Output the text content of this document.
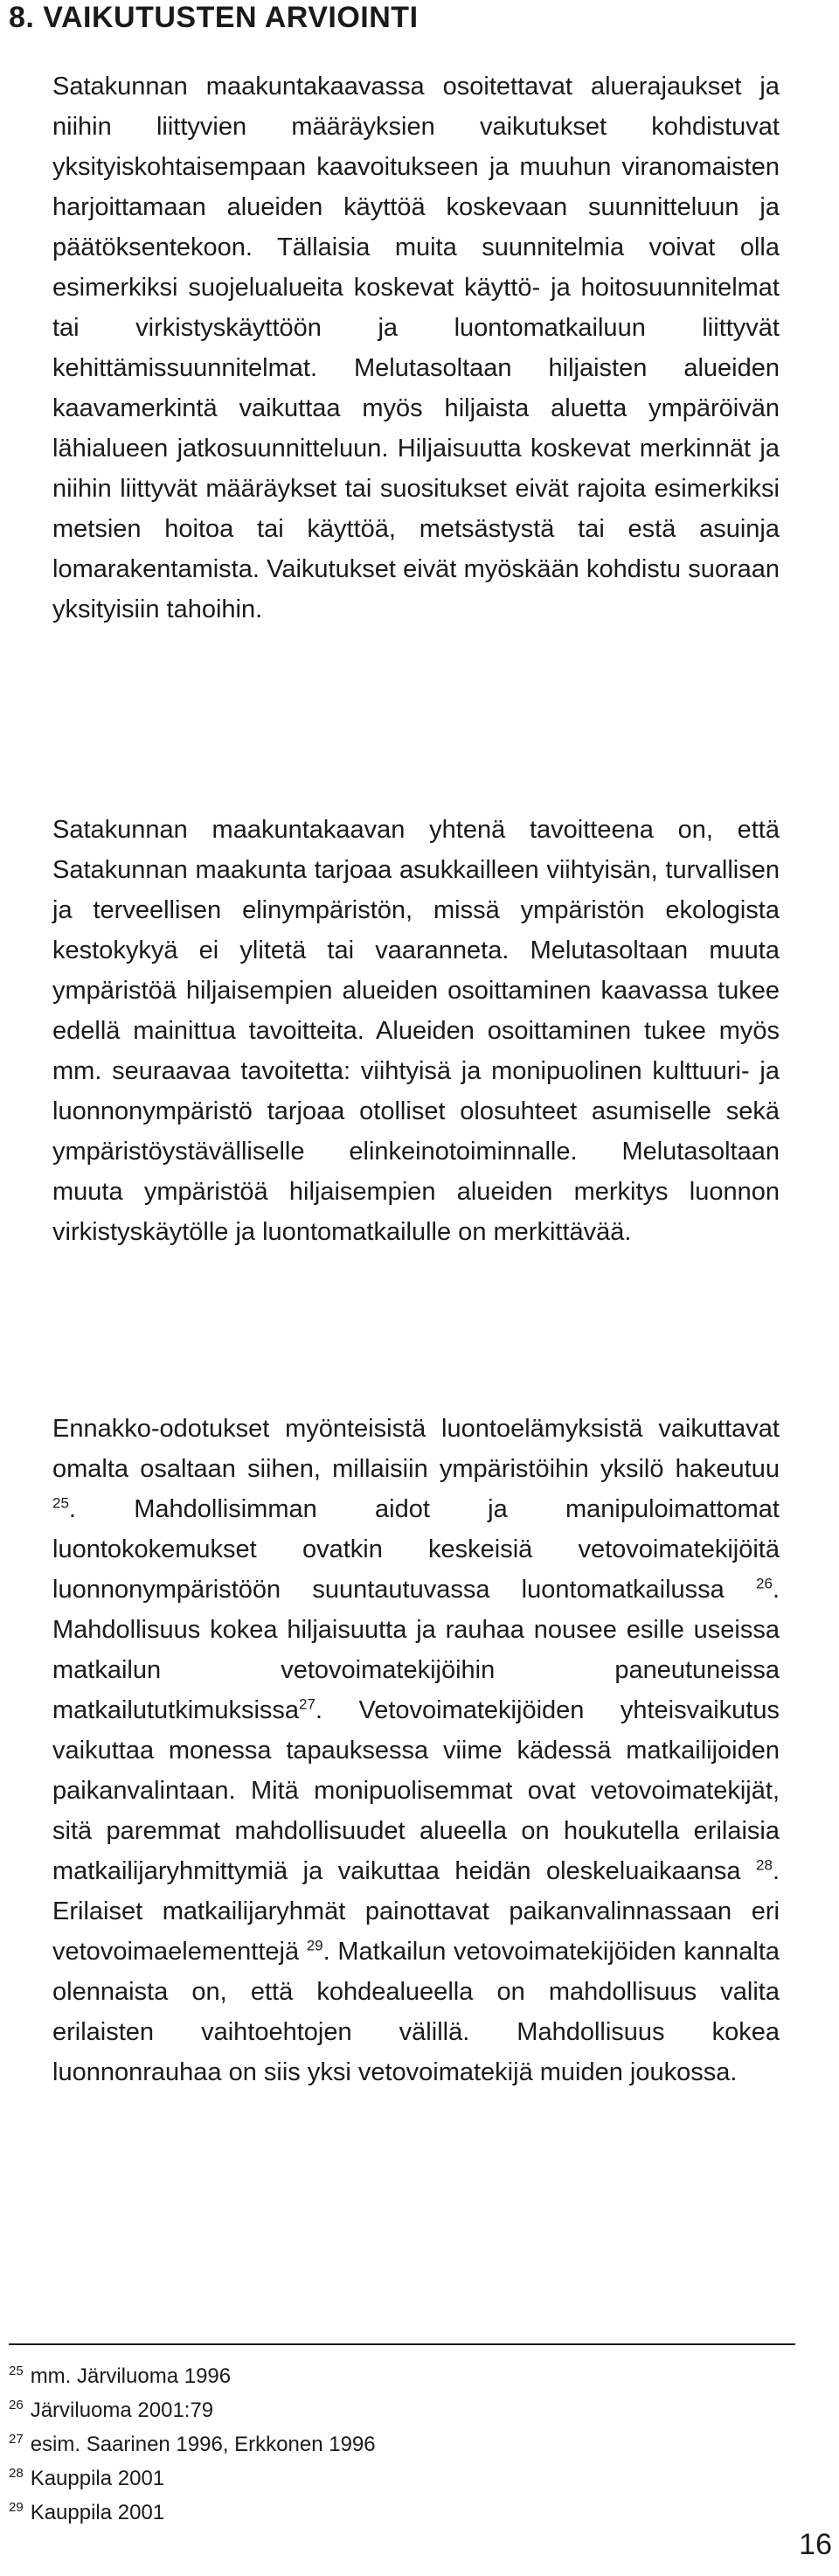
8. VAIKUTUSTEN ARVIOINTI

Satakunnan maakuntakaavassa osoitettavat aluerajaukset ja niihin liittyvien määräyksien vaikutukset kohdistuvat yksityiskohtaisempaan kaavoitukseen ja muuhun viranomaisten harjoittamaan alueiden käyttöä koskevaan suunnitteluun ja päätöksentekoon. Tällaisia muita suunnitelmia voivat olla esimerkiksi suojelualueita koskevat käyttö- ja hoitosuunnitelmat tai virkistyskäyttöön ja luontomatkailuun liittyvät kehittämissuunnitelmat. Melutasoltaan hiljaisten alueiden kaavamerkintä vaikuttaa myös hiljaista aluetta ympäröivän lähialueen jatkosuunnitteluun. Hiljaisuutta koskevat merkinnät ja niihin liittyvät määräykset tai suositukset eivät rajoita esimerkiksi metsien hoitoa tai käyttöä, metsästystä tai estä asuinja lomarakentamista. Vaikutukset eivät myöskään kohdistu suoraan yksityisiin tahoihin.

Satakunnan maakuntakaavan yhtenä tavoitteena on, että Satakunnan maakunta tarjoaa asukkailleen viihtyisän, turvallisen ja terveellisen elinympäristön, missä ympäristön ekologista kestokykyä ei ylitetä tai vaaranneta. Melutasoltaan muuta ympäristöä hiljaisempien alueiden osoittaminen kaavassa tukee edellä mainittua tavoitteita. Alueiden osoittaminen tukee myös mm. seuraavaa tavoitetta: viihtyisä ja monipuolinen kulttuuri- ja luonnonympäristö tarjoaa otolliset olosuhteet asumiselle sekä ympäristöystävälliselle elinkeinotoiminnalle. Melutasoltaan muuta ympäristöä hiljaisempien alueiden merkitys luonnon virkistyskäytölle ja luontomatkailulle on merkittävää.

Ennakko-odotukset myönteisistä luontoelämyksistä vaikuttavat omalta osaltaan siihen, millaisiin ympäristöihin yksilö hakeutuu $^{25}$. Mahdollisimman aidot ja manipuloimattomat luontokokemukset ovatkin keskeisiä vetovoimatekijöitä luonnonympäristöön suuntautuvassa luontomatkailussa $^{26}$. Mahdollisuus kokea hiljaisuutta ja rauhaa nousee esille useissa matkailun vetovoimatekijöihin paneutuneissa matkailututkimuksissa$^{27}$. Vetovoimatekijöiden yhteisvaikutus vaikuttaa monessa tapauksessa viime kädessä matkailijoiden paikanvalintaan. Mitä monipuolisemmat ovat vetovoimatekijät, sitä paremmat mahdollisuudet alueella on houkutella erilaisia matkailijaryhmittymiä ja vaikuttaa heidän oleskeluaikaansa $^{28}$. Erilaiset matkailijaryhmät painottavat paikanvalinnassaan eri vetovoimaelementtejä $^{29}$. Matkailun vetovoimatekijöiden kannalta olennaista on, että kohdealueella on mahdollisuus valita erilaisten vaihtoehtojen välillä. Mahdollisuus kokea luonnonrauhaa on siis yksi vetovoimatekijä muiden joukossa.

$^{25}$ mm. Järviluoma 1996
$^{26}$ Järviluoma 2001:79
$^{27}$ esim. Saarinen 1996, Erkkonen 1996
$^{28}$ Kauppila 2001
$^{29}$ Kauppila 2001
16
